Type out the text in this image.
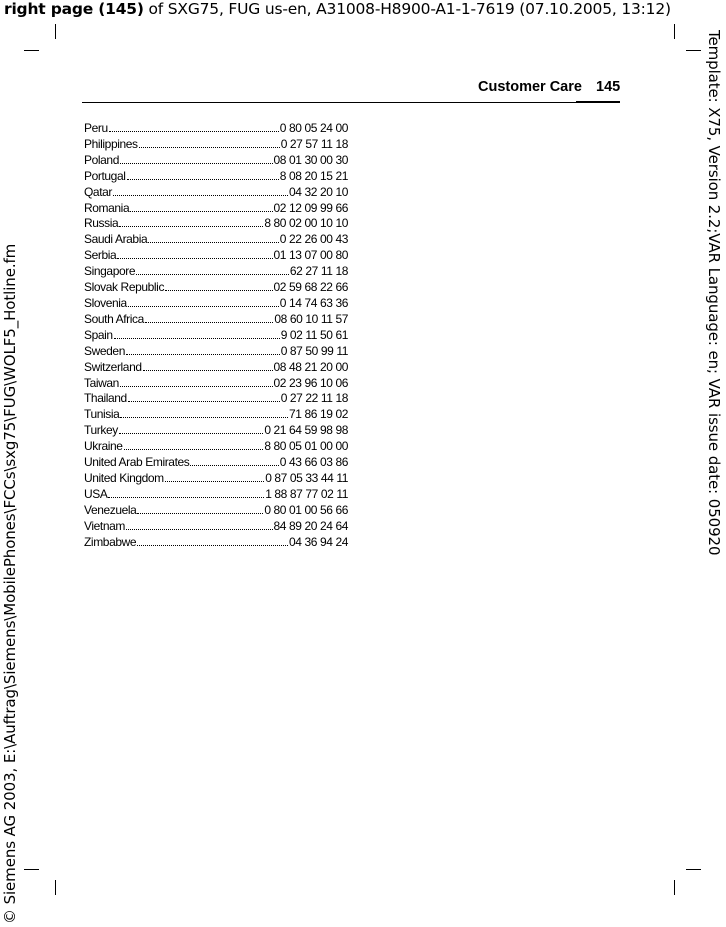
right page (145) of SXG75, FUG us-en, A31008-H8900-A1-1-7619 (07.10.2005, 13:12)
Template: X75, Version 2.2;VAR Language: en; VAR issue date: 050920
© Siemens AG 2003, E:\Auftrag\Siemens\MobilePhones\FCCs\sxg75\FUG\WOLF5_Hotline.fm
Customer Care 145
Peru	0 80 05 24 00
Philippines	0 27 57 11 18
Poland	08 01 30 00 30
Portugal	8 08 20 15 21
Qatar	04 32 20 10
Romania	02 12 09 99 66
Russia	8 80 02 00 10 10
Saudi Arabia	0 22 26 00 43
Serbia	01 13 07 00 80
Singapore	62 27 11 18
Slovak Republic	02 59 68 22 66
Slovenia	0 14 74 63 36
South Africa	08 60 10 11 57
Spain	9 02 11 50 61
Sweden	0 87 50 99 11
Switzerland	08 48 21 20 00
Taiwan	02 23 96 10 06
Thailand	0 27 22 11 18
Tunisia	71 86 19 02
Turkey	0 21 64 59 98 98
Ukraine	8 80 05 01 00 00
United Arab Emirates	0 43 66 03 86
United Kingdom	0 87 05 33 44 11
USA	1 88 87 77 02 11
Venezuela	0 80 01 00 56 66
Vietnam	84 89 20 24 64
Zimbabwe	04 36 94 24
